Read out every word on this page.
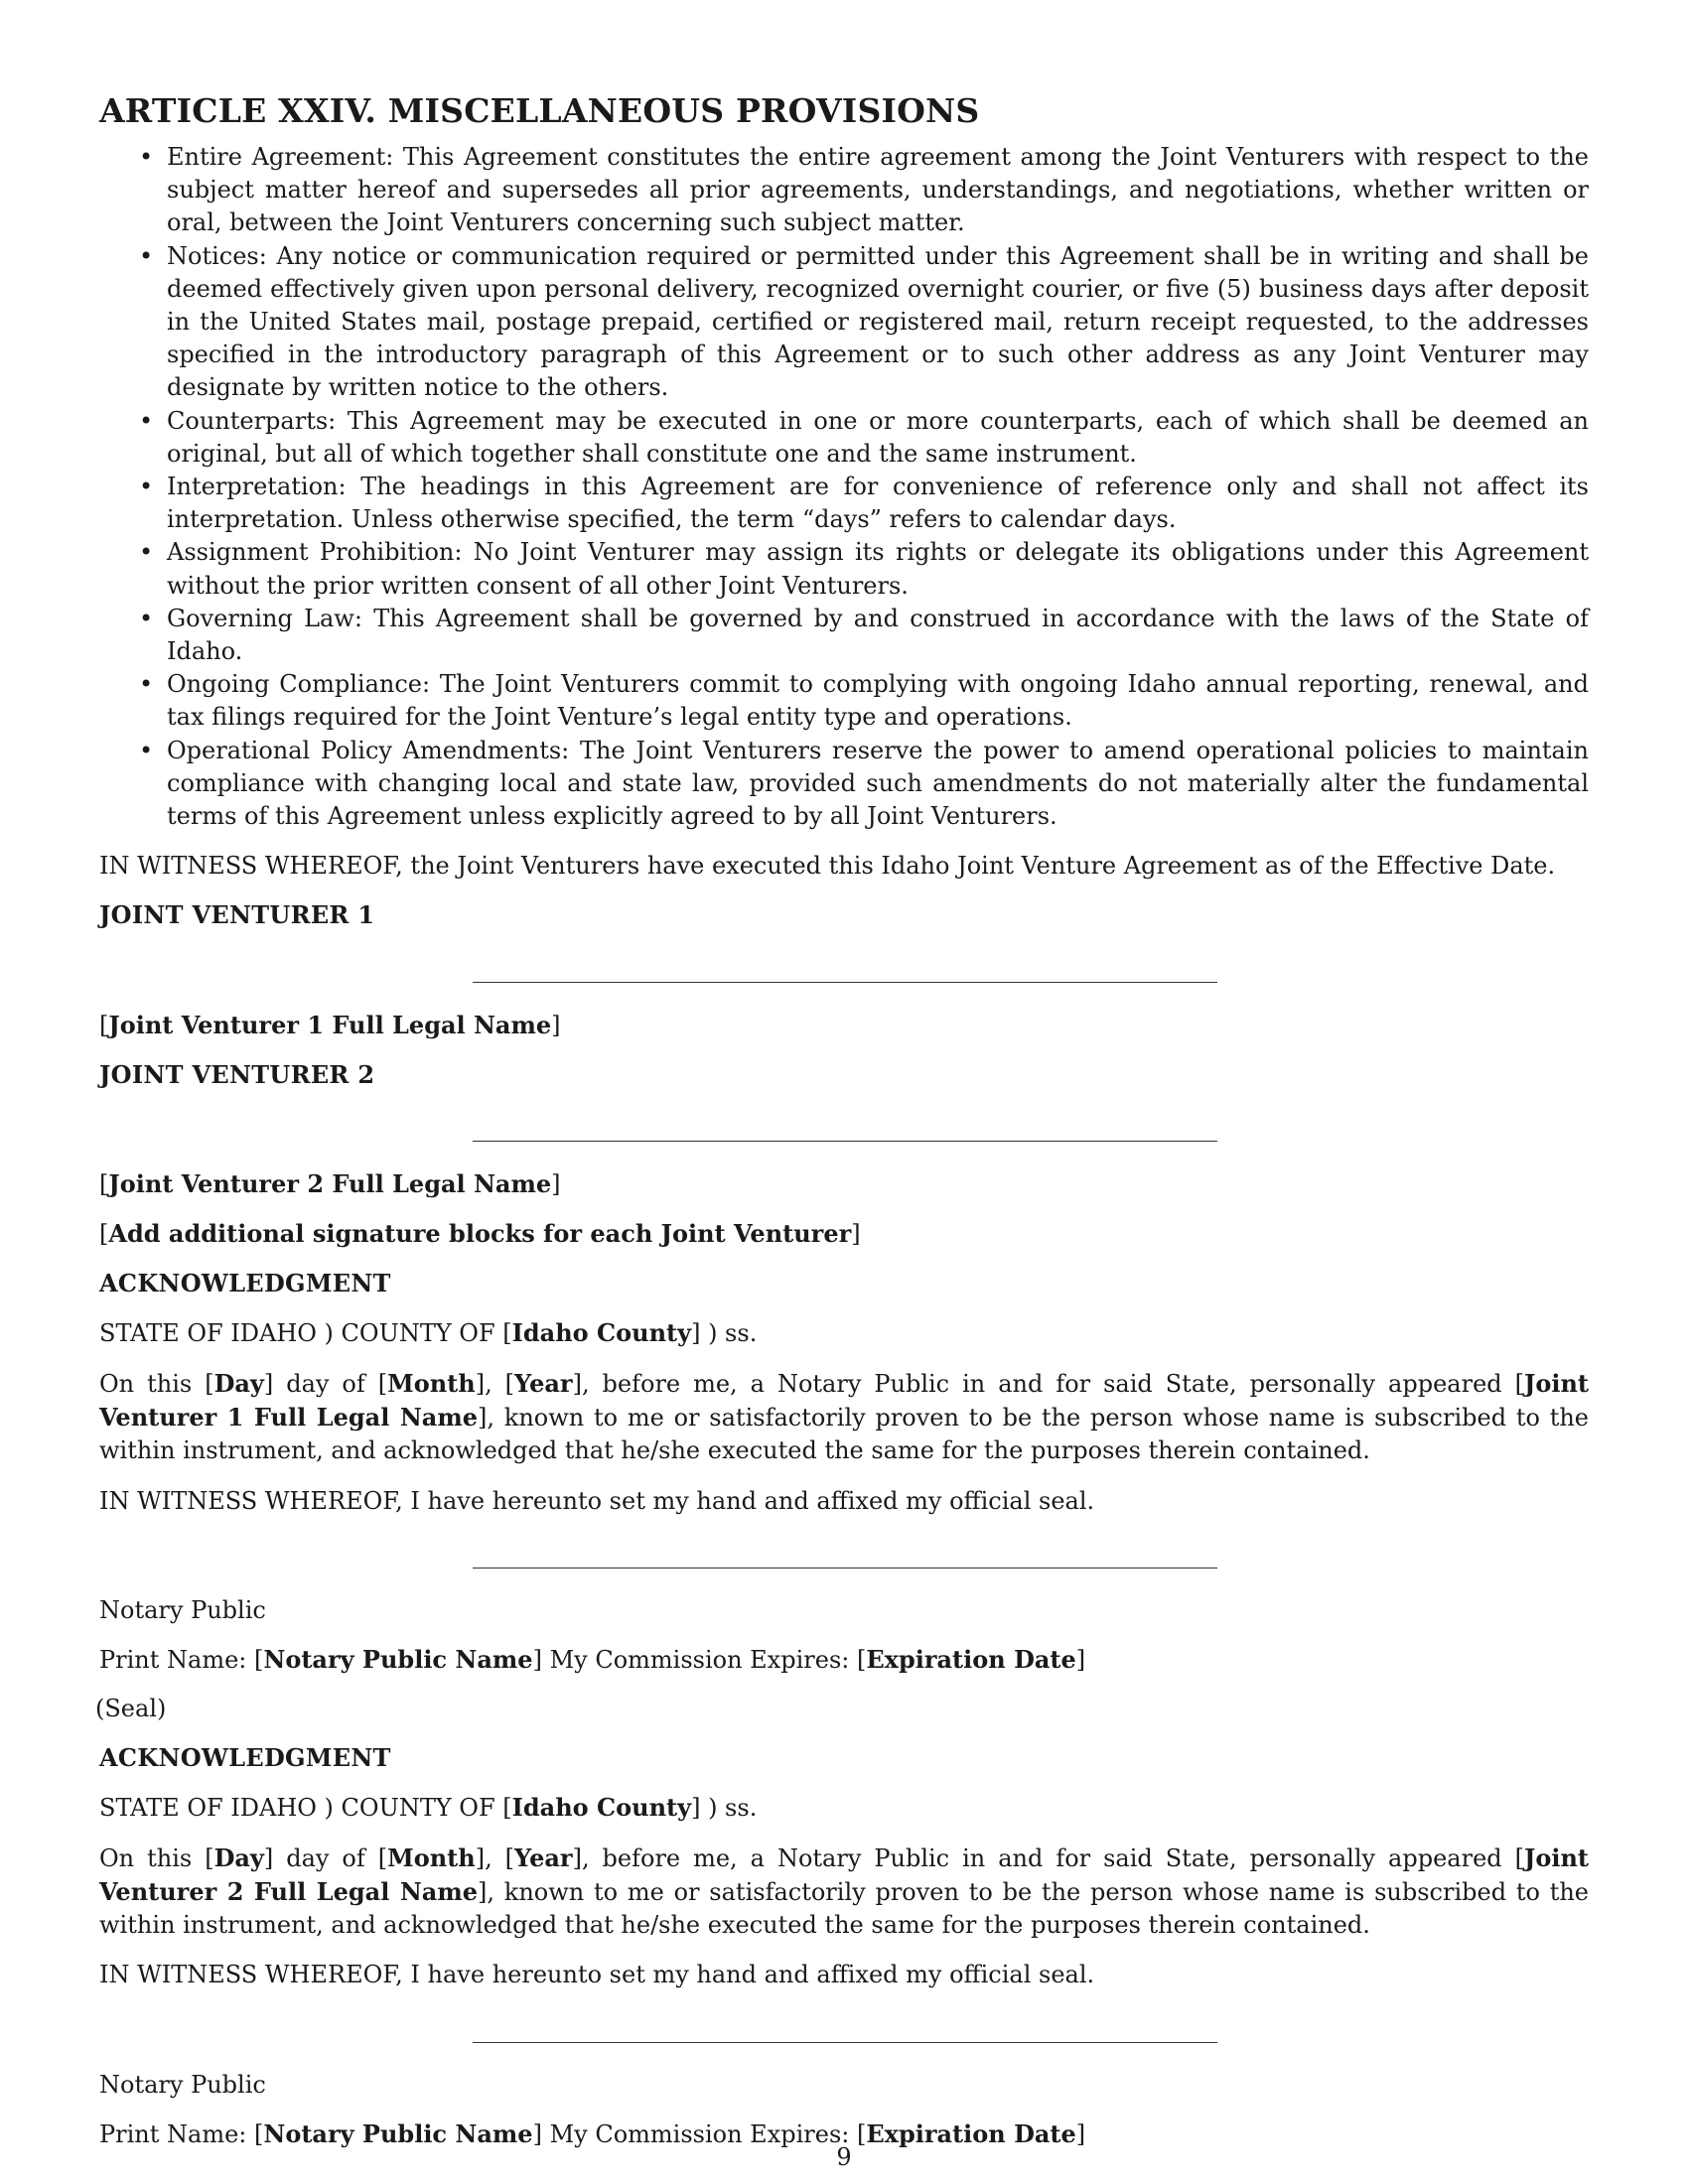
ARTICLE XXIV. MISCELLANEOUS PROVISIONS
• Entire Agreement: This Agreement constitutes the entire agreement among the Joint Venturers with respect to the subject matter hereof and supersedes all prior agreements, understandings, and negotiations, whether written or oral, between the Joint Venturers concerning such subject matter.
• Notices: Any notice or communication required or permitted under this Agreement shall be in writing and shall be deemed effectively given upon personal delivery, recognized overnight courier, or five (5) business days after deposit in the United States mail, postage prepaid, certified or registered mail, return receipt requested, to the addresses specified in the introductory paragraph of this Agreement or to such other address as any Joint Venturer may designate by written notice to the others.
• Counterparts: This Agreement may be executed in one or more counterparts, each of which shall be deemed an original, but all of which together shall constitute one and the same instrument.
• Interpretation: The headings in this Agreement are for convenience of reference only and shall not affect its interpretation. Unless otherwise specified, the term “days” refers to calendar days.
• Assignment Prohibition: No Joint Venturer may assign its rights or delegate its obligations under this Agreement without the prior written consent of all other Joint Venturers.
• Governing Law: This Agreement shall be governed by and construed in accordance with the laws of the State of Idaho.
• Ongoing Compliance: The Joint Venturers commit to complying with ongoing Idaho annual reporting, renewal, and tax filings required for the Joint Venture’s legal entity type and operations.
• Operational Policy Amendments: The Joint Venturers reserve the power to amend operational policies to maintain compliance with changing local and state law, provided such amendments do not materially alter the fundamental terms of this Agreement unless explicitly agreed to by all Joint Venturers.

IN WITNESS WHEREOF, the Joint Venturers have executed this Idaho Joint Venture Agreement as of the Effective Date.

JOINT VENTURER 1

[Joint Venturer 1 Full Legal Name]

JOINT VENTURER 2

[Joint Venturer 2 Full Legal Name]

[Add additional signature blocks for each Joint Venturer]

ACKNOWLEDGMENT

STATE OF IDAHO ) COUNTY OF [Idaho County] ) ss.

On this [Day] day of [Month], [Year], before me, a Notary Public in and for said State, personally appeared [Joint Venturer 1 Full Legal Name], known to me or satisfactorily proven to be the person whose name is subscribed to the within instrument, and acknowledged that he/she executed the same for the purposes therein contained.

IN WITNESS WHEREOF, I have hereunto set my hand and affixed my official seal.

Notary Public

Print Name: [Notary Public Name] My Commission Expires: [Expiration Date]

(Seal)

ACKNOWLEDGMENT

STATE OF IDAHO ) COUNTY OF [Idaho County] ) ss.

On this [Day] day of [Month], [Year], before me, a Notary Public in and for said State, personally appeared [Joint Venturer 2 Full Legal Name], known to me or satisfactorily proven to be the person whose name is subscribed to the within instrument, and acknowledged that he/she executed the same for the purposes therein contained.

IN WITNESS WHEREOF, I have hereunto set my hand and affixed my official seal.

Notary Public

Print Name: [Notary Public Name] My Commission Expires: [Expiration Date]

9
